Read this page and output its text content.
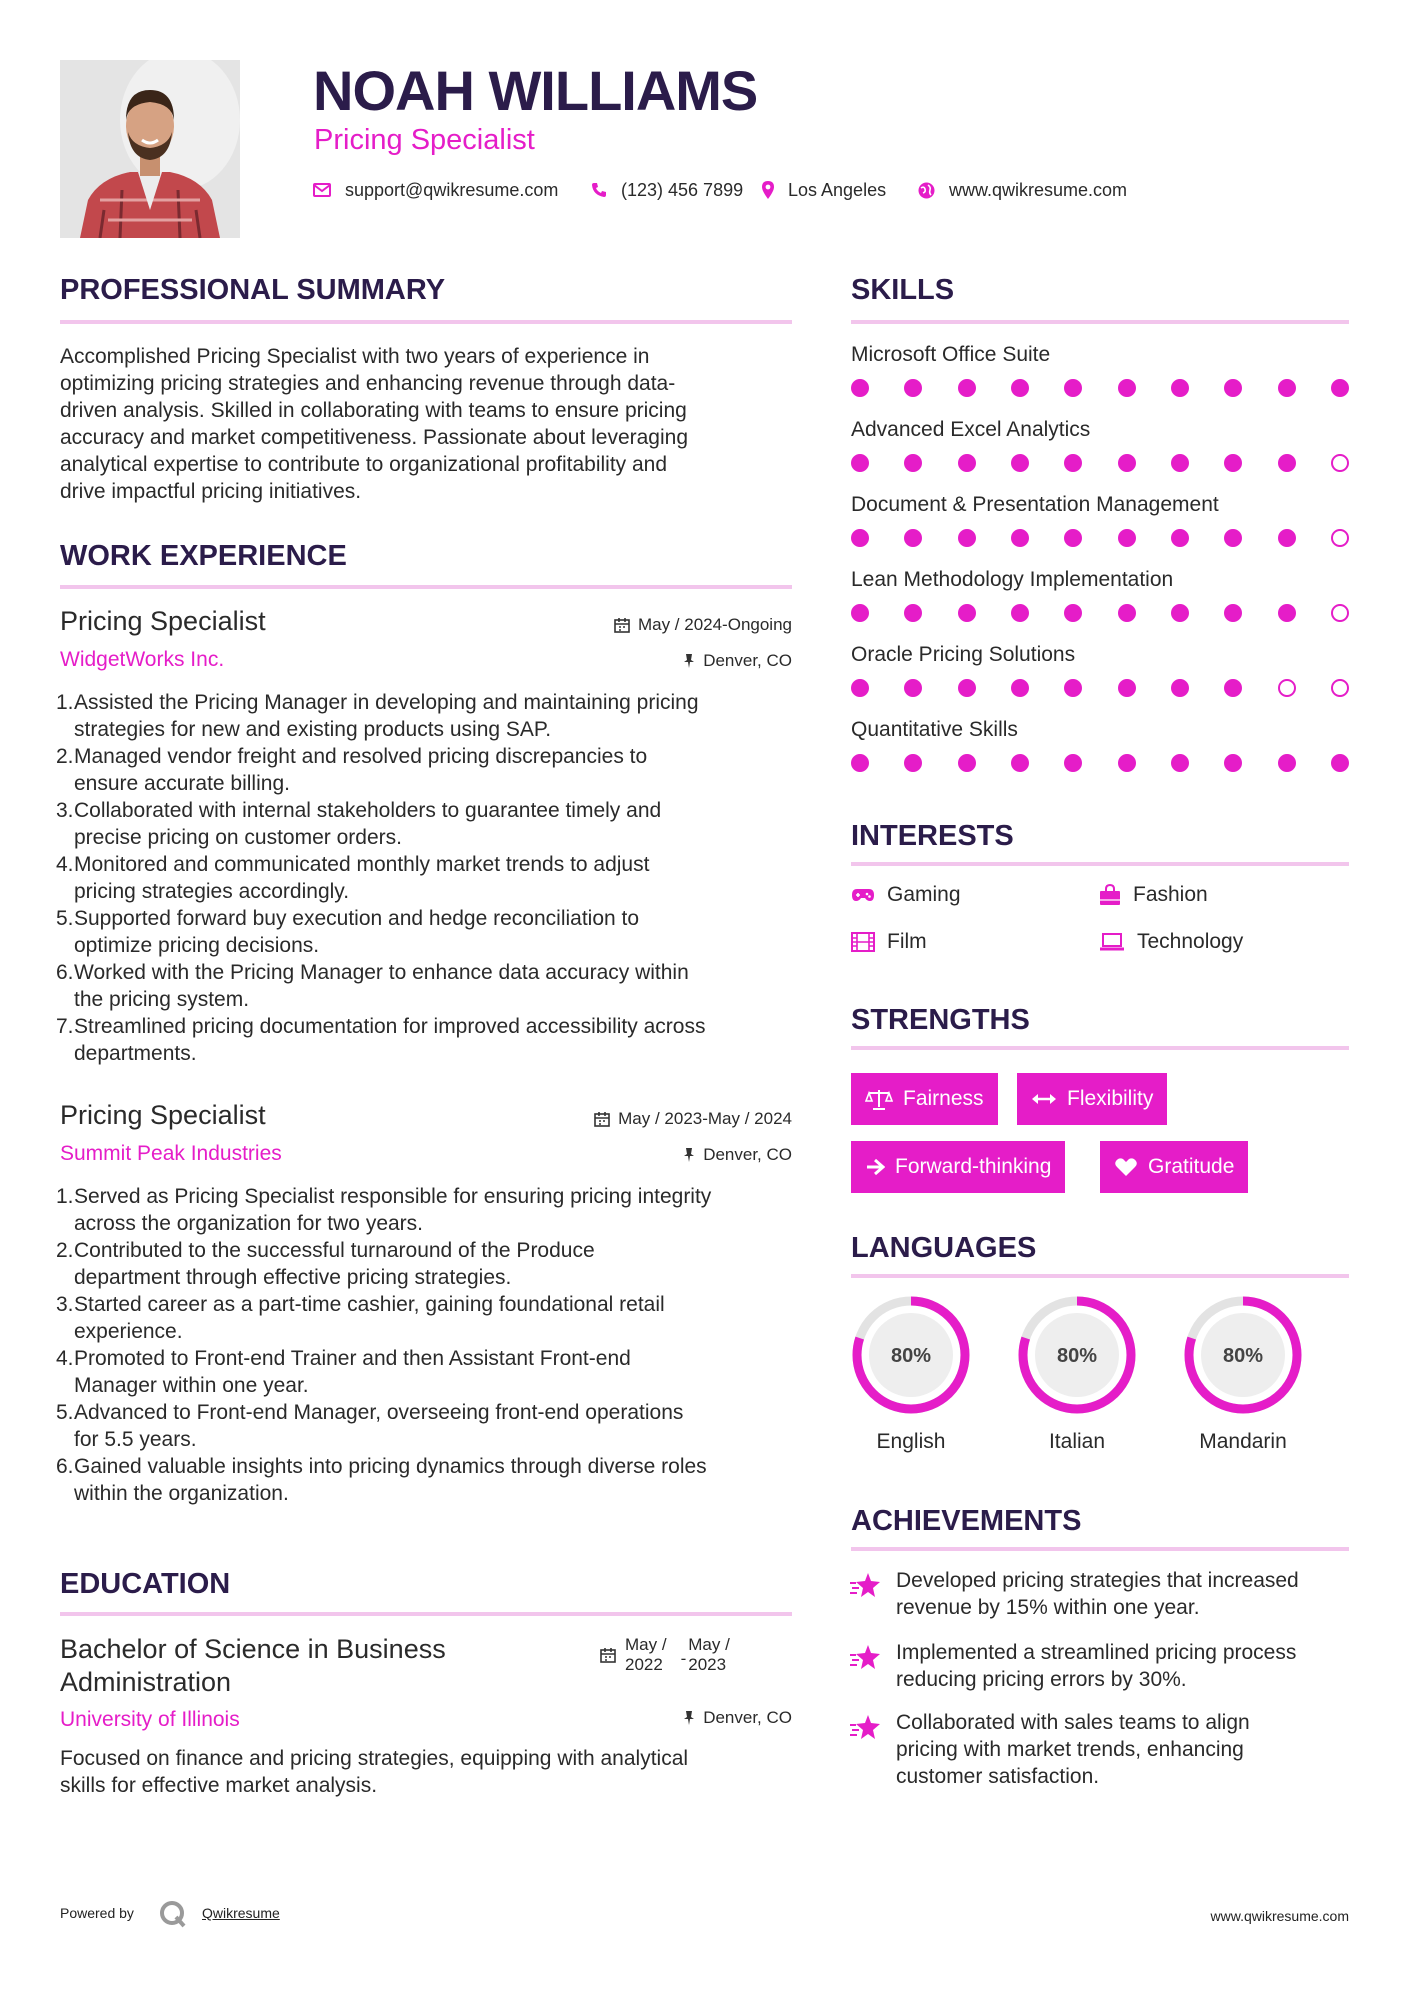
NOAH WILLIAMS
Pricing Specialist
support@qwikresume.com	(123) 456 7899 Los Angeles	www.qwikresume.com
PROFESSIONAL SUMMARY
Accomplished Pricing Specialist with two years of experience in
optimizing pricing strategies and enhancing revenue through data-
driven analysis. Skilled in collaborating with teams to ensure pricing
accuracy and market competitiveness. Passionate about leveraging
analytical expertise to contribute to organizational profitability and
drive impactful pricing initiatives.
WORK EXPERIENCE
Pricing Specialist
WidgetWorks Inc.
May / 2024-Ongoing
Denver, CO
1. Assisted the Pricing Manager in developing and maintaining pricing
strategies for new and existing products using SAP.
2. Managed vendor freight and resolved pricing discrepancies to
ensure accurate billing.
3. Collaborated with internal stakeholders to guarantee timely and
precise pricing on customer orders.
4. Monitored and communicated monthly market trends to adjust
pricing strategies accordingly.
5. Supported forward buy execution and hedge reconciliation to
optimize pricing decisions.
6. Worked with the Pricing Manager to enhance data accuracy within
the pricing system.
7. Streamlined pricing documentation for improved accessibility across
departments.
Pricing Specialist
Summit Peak Industries
May / 2023-May / 2024
Denver, CO
1. Served as Pricing Specialist responsible for ensuring pricing integrity
across the organization for two years.
2. Contributed to the successful turnaround of the Produce
department through effective pricing strategies.
3. Started career as a part-time cashier, gaining foundational retail
experience.
4. Promoted to Front-end Trainer and then Assistant Front-end
Manager within one year.
5. Advanced to Front-end Manager, overseeing front-end operations
for 5.5 years.
6. Gained valuable insights into pricing dynamics through diverse roles
within the organization.
EDUCATION
Bachelor of Science in Business
Administration
University of Illinois
May /
2022 -
May /
2023
Denver, CO
Focused on finance and pricing strategies, equipping with analytical
skills for effective market analysis.
SKILLS
Microsoft Office Suite
Advanced Excel Analytics
Document & Presentation Management
Lean Methodology Implementation
Oracle Pricing Solutions
Quantitative Skills
INTERESTS
Gaming	Fashion
Film	Technology
STRENGTHS
Fairness	Flexibility
Forward-thinking	Gratitude
LANGUAGES
80%
English
80%
Italian
80%
Mandarin
ACHIEVEMENTS
Developed pricing strategies that increased
revenue by 15% within one year.
Implemented a streamlined pricing process
reducing pricing errors by 30%.
Collaborated with sales teams to align
pricing with market trends, enhancing
customer satisfaction.
Powered by	Qwikresume	www.qwikresume.com
